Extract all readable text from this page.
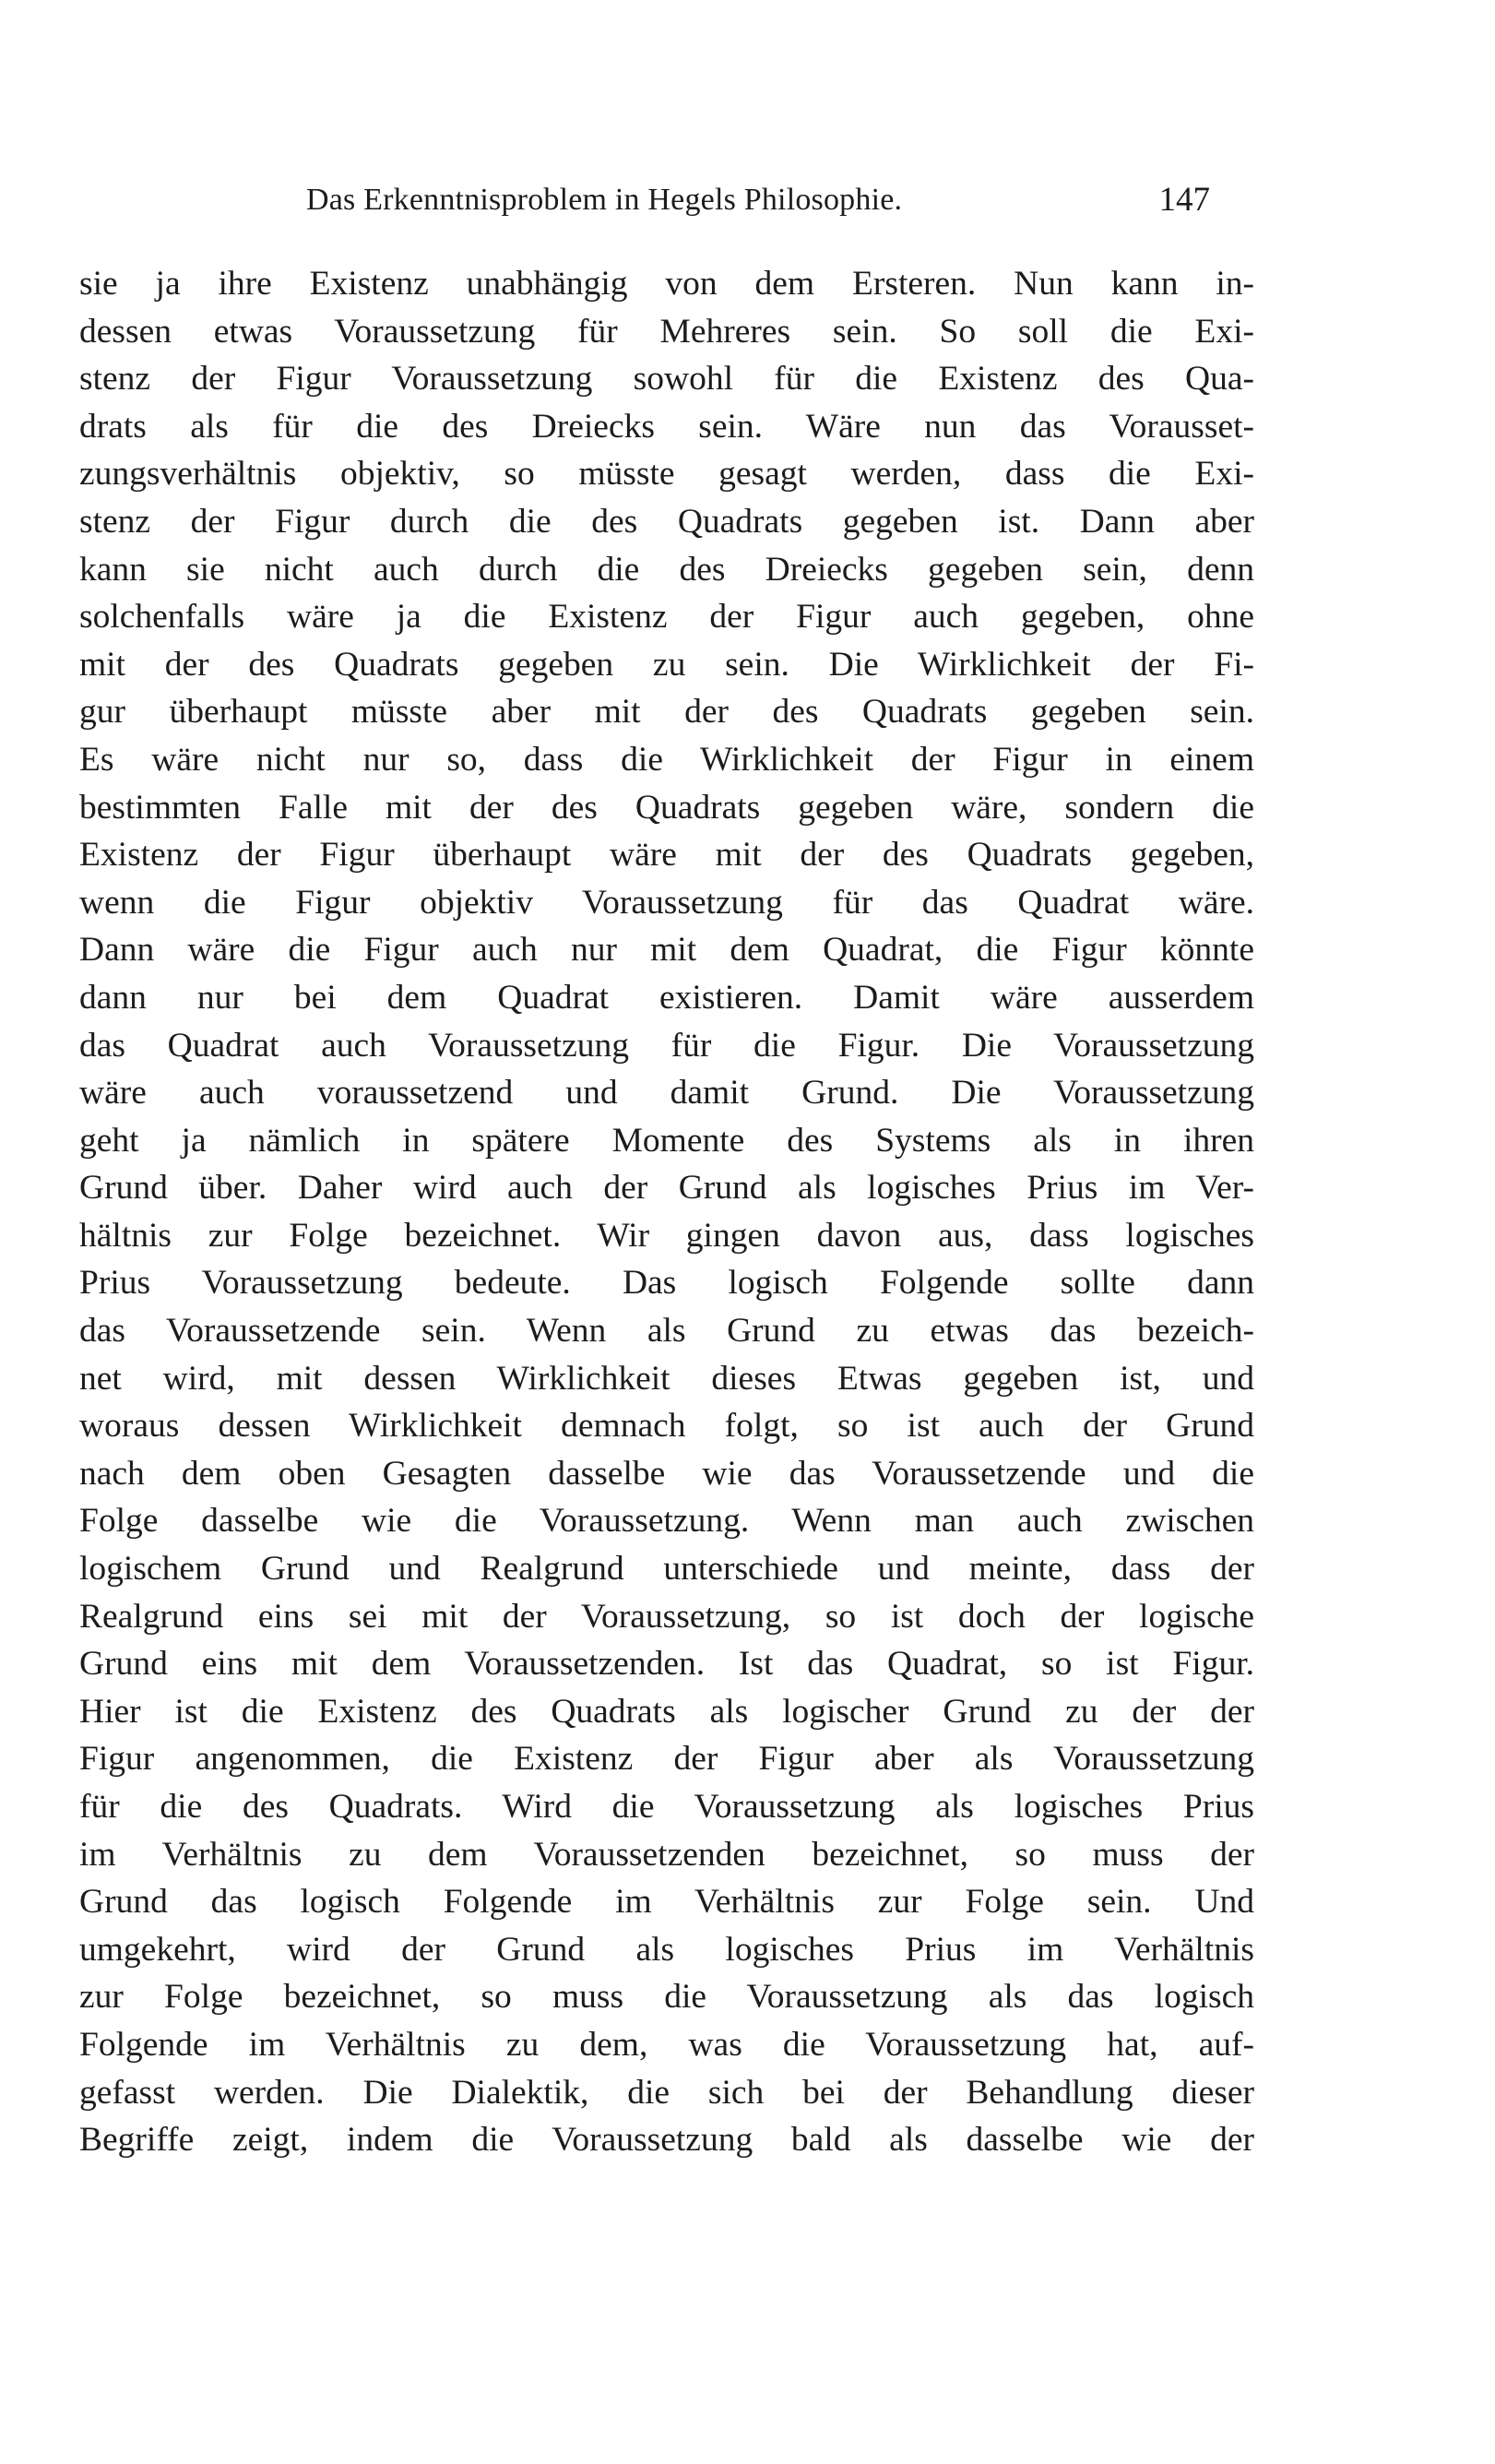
Das Erkenntnisproblem in Hegels Philosophie.	147
sie ja ihre Existenz unabhängig von dem Ersteren. Nun kann in-
dessen etwas Voraussetzung für Mehreres sein. So soll die Exi-
stenz der Figur Voraussetzung sowohl für die Existenz des Qua-
drats als für die des Dreiecks sein. Wäre nun das Vorausset-
zungsverhältnis objektiv, so müsste gesagt werden, dass die Exi-
stenz der Figur durch die des Quadrats gegeben ist. Dann aber
kann sie nicht auch durch die des Dreiecks gegeben sein, denn
solchenfalls wäre ja die Existenz der Figur auch gegeben, ohne
mit der des Quadrats gegeben zu sein. Die Wirklichkeit der Fi-
gur überhaupt müsste aber mit der des Quadrats gegeben sein.
Es wäre nicht nur so, dass die Wirklichkeit der Figur in einem
bestimmten Falle mit der des Quadrats gegeben wäre, sondern die
Existenz der Figur überhaupt wäre mit der des Quadrats gegeben,
wenn die Figur objektiv Voraussetzung für das Quadrat wäre.
Dann wäre die Figur auch nur mit dem Quadrat, die Figur könnte
dann nur bei dem Quadrat existieren. Damit wäre ausserdem
das Quadrat auch Voraussetzung für die Figur. Die Voraussetzung
wäre auch voraussetzend und damit Grund. Die Voraussetzung
geht ja nämlich in spätere Momente des Systems als in ihren
Grund über. Daher wird auch der Grund als logisches Prius im Ver-
hältnis zur Folge bezeichnet. Wir gingen davon aus, dass logisches
Prius Voraussetzung bedeute. Das logisch Folgende sollte dann
das Voraussetzende sein. Wenn als Grund zu etwas das bezeich-
net wird, mit dessen Wirklichkeit dieses Etwas gegeben ist, und
woraus dessen Wirklichkeit demnach folgt, so ist auch der Grund
nach dem oben Gesagten dasselbe wie das Voraussetzende und die
Folge dasselbe wie die Voraussetzung. Wenn man auch zwischen
logischem Grund und Realgrund unterschiede und meinte, dass der
Realgrund eins sei mit der Voraussetzung, so ist doch der logische
Grund eins mit dem Voraussetzenden. Ist das Quadrat, so ist Figur.
Hier ist die Existenz des Quadrats als logischer Grund zu der der
Figur angenommen, die Existenz der Figur aber als Voraussetzung
für die des Quadrats. Wird die Voraussetzung als logisches Prius
im Verhältnis zu dem Voraussetzenden bezeichnet, so muss der
Grund das logisch Folgende im Verhältnis zur Folge sein. Und
umgekehrt, wird der Grund als logisches Prius im Verhältnis
zur Folge bezeichnet, so muss die Voraussetzung als das logisch
Folgende im Verhältnis zu dem, was die Voraussetzung hat, auf-
gefasst werden. Die Dialektik, die sich bei der Behandlung dieser
Begriffe zeigt, indem die Voraussetzung bald als dasselbe wie der
